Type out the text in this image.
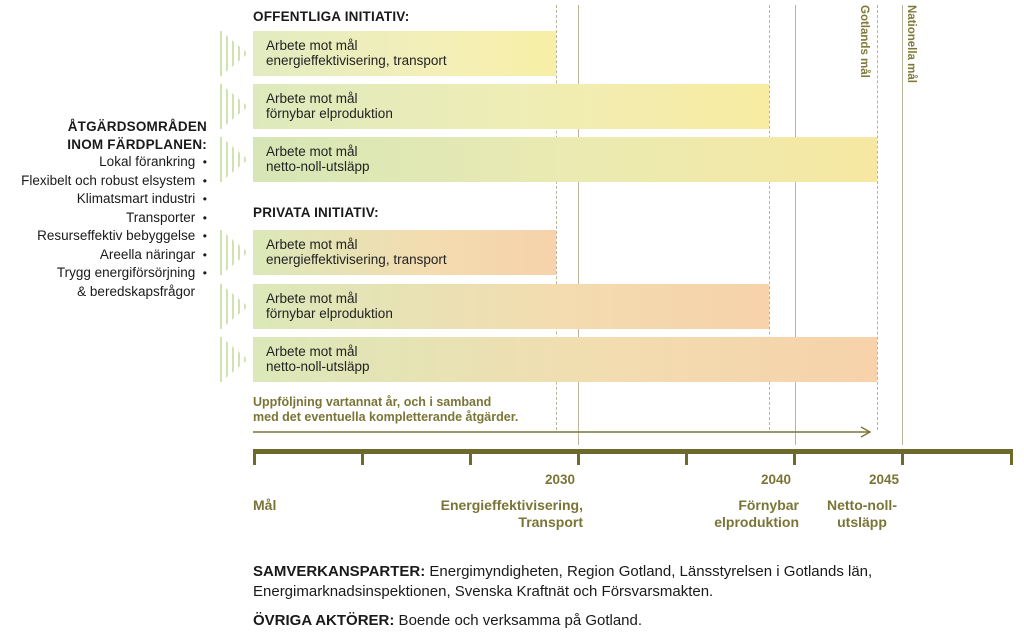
ÅTGÄRDSOMRÅDEN
INOM FÄRDPLANEN:
Lokal förankring •
Flexibelt och robust elsystem •
Klimatsmart industri •
Transporter •
Resurseffektiv bebyggelse •
Areella näringar •
Trygg energiförsörjning •
& beredskapsfrågor
Gotlands mål	Nationella mål
OFFENTLIGA INITIATIV:
PRIVATA INITIATIV:
Arbete mot mål
energieffektivisering, transport
Arbete mot mål
förnybar elproduktion
Arbete mot mål
netto-noll-utsläpp
Arbete mot mål
energieffektivisering, transport
Arbete mot mål
förnybar elproduktion
Arbete mot mål
netto-noll-utsläpp
Uppföljning vartannat år, och i samband
med det eventuella kompletterande åtgärder.
2030	2040	2045
Mål	Energieffektivisering,
Transport
Förnybar
elproduktion
Netto-noll-
utsläpp
SAMVERKANSPARTER: Energimyndigheten, Region Gotland, Länsstyrelsen i Gotlands län, Energimarknadsinspektionen, Svenska Kraftnät och Försvarsmakten.
ÖVRIGA AKTÖRER: Boende och verksamma på Gotland.
